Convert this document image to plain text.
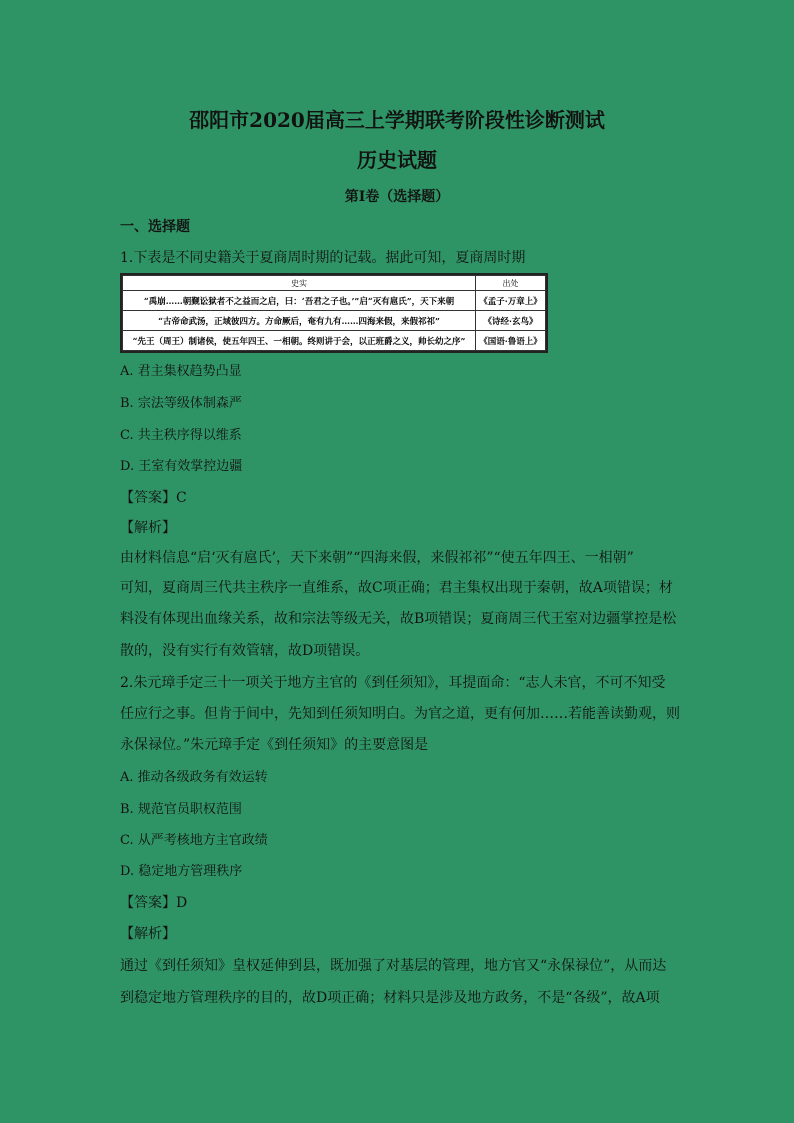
邵阳市2020届高三上学期联考阶段性诊断测试
历史试题
第Ⅰ卷（选择题）
一、选择题
1.下表是不同史籍关于夏商周时期的记载。据此可知，夏商周时期
史实	出处
“禹崩……朝觐讼狱者不之益而之启，曰：‘吾君之子也。’”启“灭有扈氏”，天下来朝	《孟子·万章上》
“古帝命武汤，正域彼四方。方命厥后，奄有九有……四海来假，来假祁祁”	《诗经·玄鸟》
“先王（周王）制诸侯，使五年四王、一相朝。终则讲于会，以正班爵之义，帅长幼之序”	《国语·鲁语上》
A. 君主集权趋势凸显
B. 宗法等级体制森严
C. 共主秩序得以维系
D. 王室有效掌控边疆
【答案】C
【解析】
由材料信息“启‘灭有扈氏’，天下来朝”“四海来假，来假祁祁”“使五年四王、一相朝”
可知，夏商周三代共主秩序一直维系，故C项正确；君主集权出现于秦朝，故A项错误；材
料没有体现出血缘关系，故和宗法等级无关，故B项错误；夏商周三代王室对边疆掌控是松
散的，没有实行有效管辖，故D项错误。
2.朱元璋手定三十一项关于地方主官的《到任须知》，耳提面命：“志人未官，不可不知受
任应行之事。但肯于间中，先知到任须知明白。为官之道，更有何加……若能善读勤观，则
永保禄位。”朱元璋手定《到任须知》的主要意图是
A. 推动各级政务有效运转
B. 规范官员职权范围
C. 从严考核地方主官政绩
D. 稳定地方管理秩序
【答案】D
【解析】
通过《到任须知》皇权延伸到县，既加强了对基层的管理，地方官又“永保禄位”，从而达
到稳定地方管理秩序的目的，故D项正确；材料只是涉及地方政务，不是“各级”，故A项
